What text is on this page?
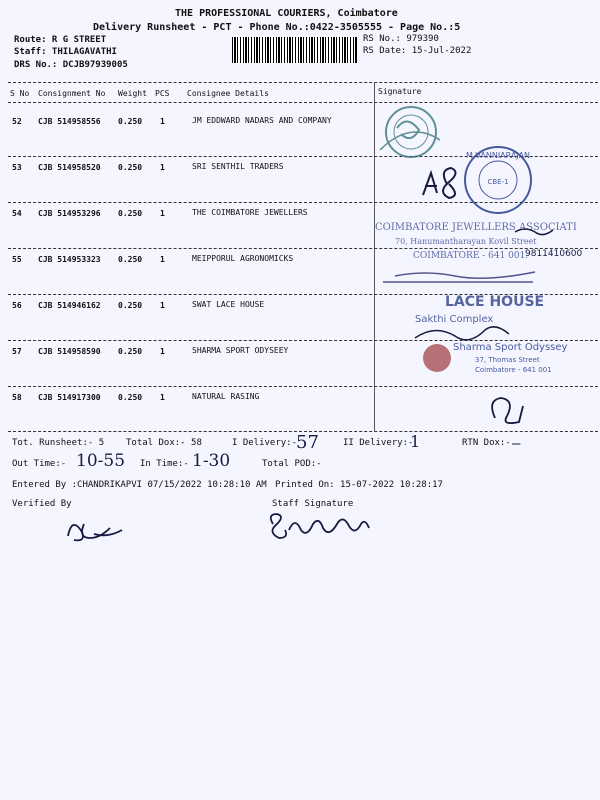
THE PROFESSIONAL COURIERS, Coimbatore
Delivery Runsheet - PCT - Phone No.:0422-3505555 - Page No.:5
Route: R G STREET
Staff: THILAGAVATHI
DRS No.: DCJB97939005
RS No.: 979390
RS Date: 15-Jul-2022
S No Consignment No Weight PCS Consignee Details	Signature
52 CJB 514958556 0.250 1	JM EDDWARD NADARS AND COMPANY
53 CJB 514958520 0.250 1	SRI SENTHIL TRADERS
54 CJB 514953296 0.250 1	THE COIMBATORE JEWELLERS
55 CJB 514953323 0.250 1	MEIPPORUL AGRONOMICKS
56 CJB 514946162 0.250 1	SWAT LACE HOUSE
57 CJB 514958590 0.250 1	SHARMA SPORT ODYSEEY
58 CJB 514917300 0.250 1	NATURAL RASING
M.VANNIARAJAN
CBE-1
COIMBATORE JEWELLERS ASSOCIATI
70, Hanumantharayan Kovil Street
COIMBATORE - 641 001.
9811410600
LACE HOUSE
Sakthi Complex
Sharma Sport Odyssey
37, Thomas Street
Coimbatore - 641 001
Tot. Runsheet:- 5 Total Dox:- 58	I Delivery:-
57	II Delivery:-
1	RTN Dox:- —
Out Time:- 10-55 In Time:- 1-30	Total POD:-
Entered By :CHANDRIKAPVI 07/15/2022 10:28:10 AM Printed On: 15-07-2022 10:28:17
Verified By	Staff Signature
